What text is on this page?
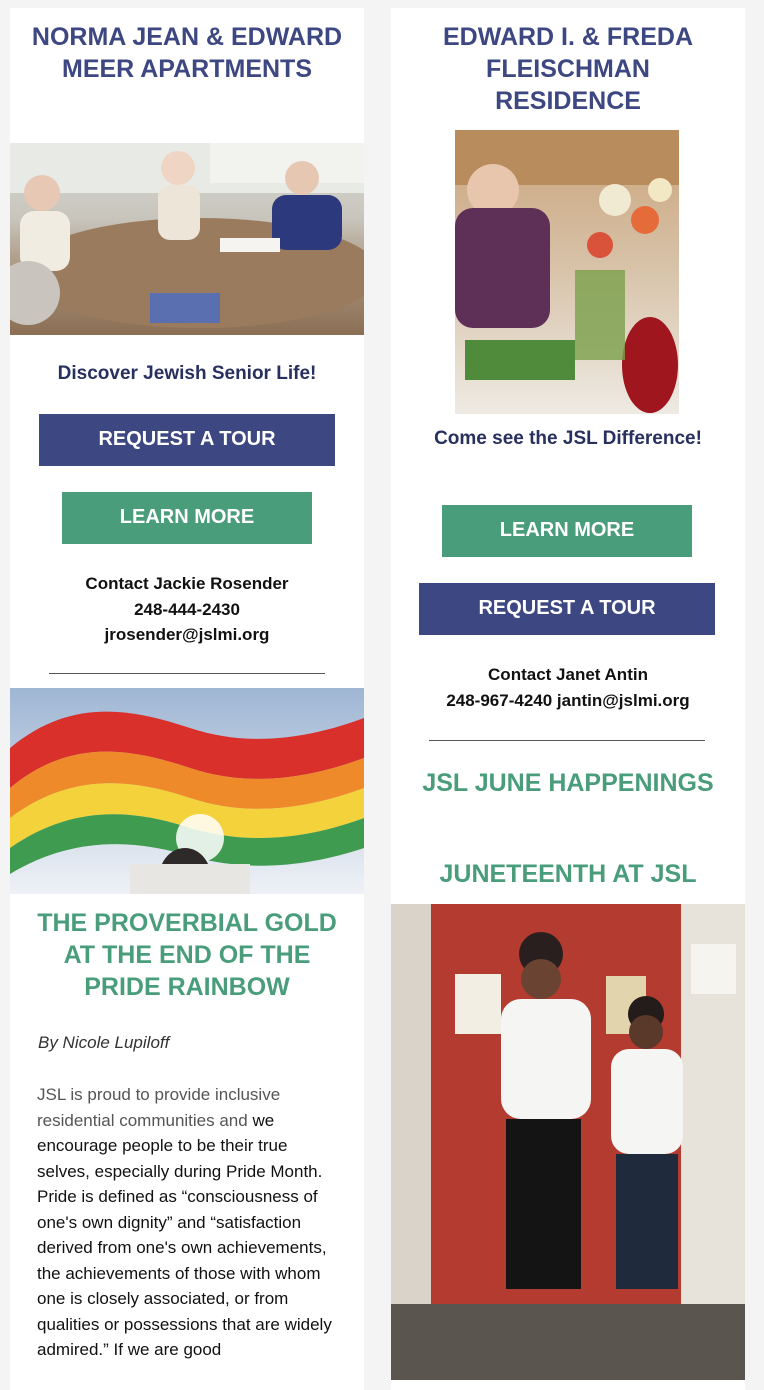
NORMA JEAN & EDWARD MEER APARTMENTS
Discover Jewish Senior Life!
REQUEST A TOUR
LEARN MORE
Contact Jackie Rosender
248-444-2430
jrosender@jslmi.org
THE PROVERBIAL GOLD AT THE END OF THE PRIDE RAINBOW
By Nicole Lupiloff
JSL is proud to provide inclusive residential communities and we encourage people to be their true selves, especially during Pride Month. Pride is defined as “consciousness of one's own dignity” and “satisfaction derived from one's own achievements, the achievements of those with whom one is closely associated, or from qualities or possessions that are widely admired.” If we are good
EDWARD I. & FREDA FLEISCHMAN RESIDENCE
Come see the JSL Difference!
LEARN MORE
REQUEST A TOUR
Contact Janet Antin
248-967-4240 jantin@jslmi.org
JSL JUNE HAPPENINGS
JUNETEENTH AT JSL
